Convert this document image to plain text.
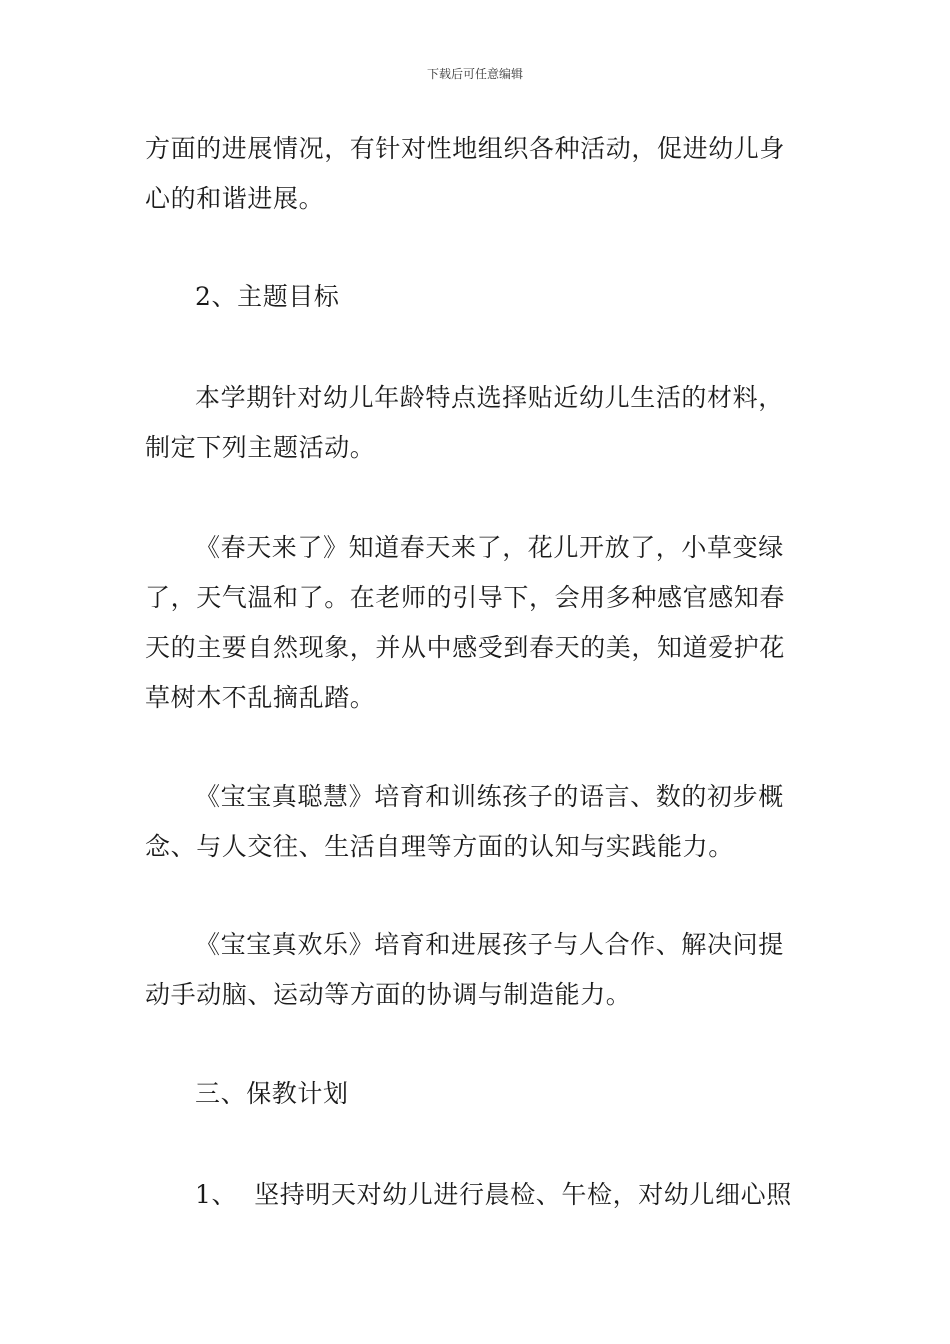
下载后可任意编辑
方面的进展情况，有针对性地组织各种活动，促进幼儿身
心的和谐进展。
2、主题目标
本学期针对幼儿年龄特点选择贴近幼儿生活的材料，
制定下列主题活动。
《春天来了》知道春天来了，花儿开放了，小草变绿
了，天气温和了。在老师的引导下，会用多种感官感知春
天的主要自然现象，并从中感受到春天的美，知道爱护花
草树木不乱摘乱踏。
《宝宝真聪慧》培育和训练孩子的语言、数的初步概
念、与人交往、生活自理等方面的认知与实践能力。
《宝宝真欢乐》培育和进展孩子与人合作、解决问提
动手动脑、运动等方面的协调与制造能力。
三、保教计划
1、  坚持明天对幼儿进行晨检、午检，对幼儿细心照
